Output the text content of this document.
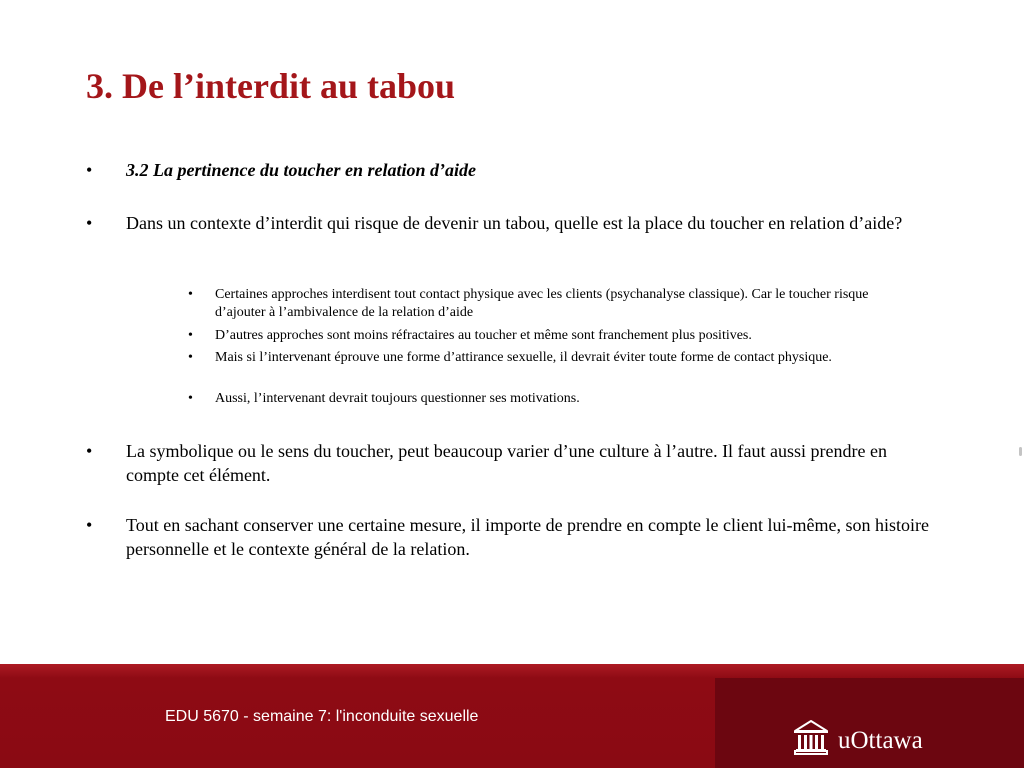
3. De l’interdit au tabou
• 3.2 La pertinence du toucher en relation d’aide
• Dans un contexte d’interdit qui risque de devenir un tabou, quelle est la place du toucher en relation d’aide?
• Certaines approches interdisent tout contact physique avec les clients (psychanalyse classique). Car le toucher risque d’ajouter à l’ambivalence de la relation d’aide
• D’autres approches sont moins réfractaires au toucher et même sont franchement plus positives.
• Mais si l’intervenant éprouve une forme d’attirance sexuelle, il devrait éviter toute forme de contact physique.
• Aussi, l’intervenant devrait toujours questionner ses motivations.
• La symbolique ou le sens du toucher, peut beaucoup varier d’une culture à l’autre. Il faut aussi prendre en compte cet élément.
• Tout en sachant conserver une certaine mesure, il importe de prendre en compte le client lui-même, son histoire personnelle et le contexte général de la relation.
EDU 5670 - semaine 7: l'inconduite sexuelle
uOttawa
